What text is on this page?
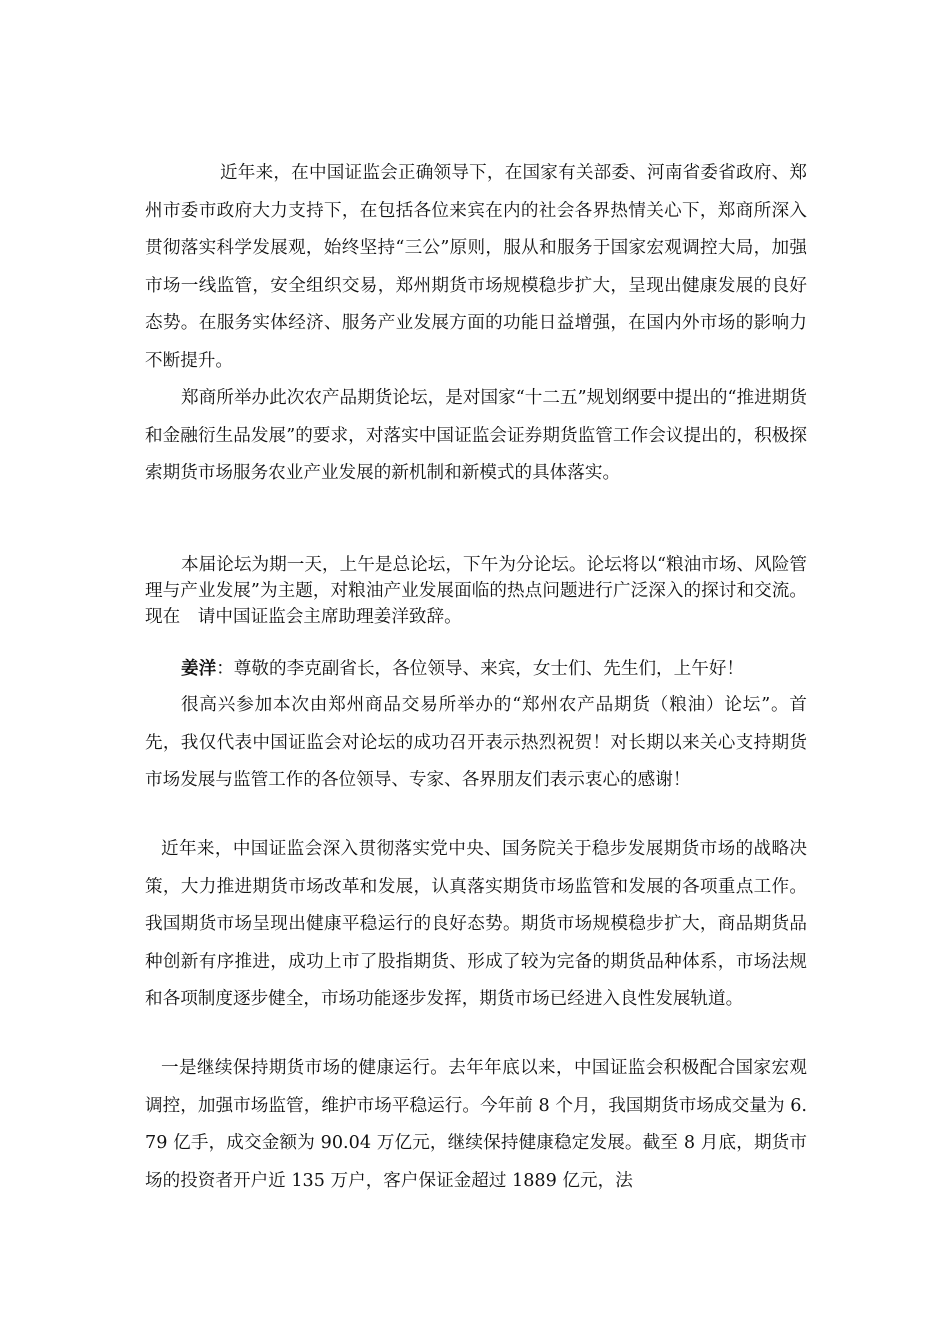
近年来，在中国证监会正确领导下，在国家有关部委、河南省委省政府、郑州市委市政府大力支持下，在包括各位来宾在内的社会各界热情关心下，郑商所深入贯彻落实科学发展观，始终坚持“三公”原则，服从和服务于国家宏观调控大局，加强市场一线监管，安全组织交易，郑州期货市场规模稳步扩大，呈现出健康发展的良好态势。在服务实体经济、服务产业发展方面的功能日益增强，在国内外市场的影响力不断提升。

郑商所举办此次农产品期货论坛，是对国家“十二五”规划纲要中提出的“推进期货和金融衍生品发展”的要求，对落实中国证监会证券期货监管工作会议提出的，积极探索期货市场服务农业产业发展的新机制和新模式的具体落实。

本届论坛为期一天，上午是总论坛，下午为分论坛。论坛将以“粮油市场、风险管理与产业发展”为主题，对粮油产业发展面临的热点问题进行广泛深入的探讨和交流。现在　请中国证监会主席助理姜洋致辞。

姜洋：尊敬的李克副省长，各位领导、来宾，女士们、先生们，上午好！

很高兴参加本次由郑州商品交易所举办的“郑州农产品期货（粮油）论坛”。首先，我仅代表中国证监会对论坛的成功召开表示热烈祝贺！对长期以来关心支持期货市场发展与监管工作的各位领导、专家、各界朋友们表示衷心的感谢！

近年来，中国证监会深入贯彻落实党中央、国务院关于稳步发展期货市场的战略决策，大力推进期货市场改革和发展，认真落实期货市场监管和发展的各项重点工作。我国期货市场呈现出健康平稳运行的良好态势。期货市场规模稳步扩大，商品期货品种创新有序推进，成功上市了股指期货、形成了较为完备的期货品种体系，市场法规和各项制度逐步健全，市场功能逐步发挥，期货市场已经进入良性发展轨道。

一是继续保持期货市场的健康运行。去年年底以来，中国证监会积极配合国家宏观调控，加强市场监管，维护市场平稳运行。今年前 8 个月，我国期货市场成交量为 6.79 亿手，成交金额为 90.04 万亿元，继续保持健康稳定发展。截至 8 月底，期货市场的投资者开户近 135 万户，客户保证金超过 1889 亿元，法
